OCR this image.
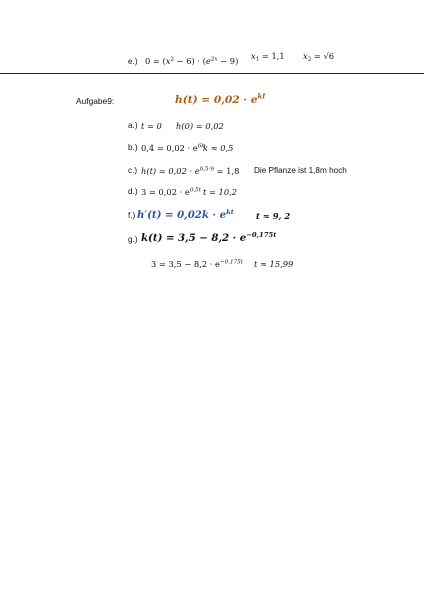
e.) $0 = (x^2 - 6) \cdot (e^{2x} - 9) x_1 = 1,1$ $x_2 = √6$
Aufgabe9:	$h(t) = 0,02 \cdot e^{kt}$
a.) t = 0 h(0) = 0,02
b.) $0,4 = 0,02 \cdot e^{6k}$
k ≈ 0,5
c.) $h(t) = 0,02 \cdot e^{0,5\cdot 9} = 1,8$ Die Pflanze ist 1,8m hoch
d.) $3 = 0,02 \cdot e^{0,5t}$ t = 10,2
f.) $h'(t) = 0,02k \cdot e^{kt}$	t ≈ 9, 2
g.) $k(t) = 3,5 - 8,2 \cdot e^{-0,175t}$
$3 = 3,5 - 8,2 \cdot e^{-0,175t}$ t ≈ 15,99
